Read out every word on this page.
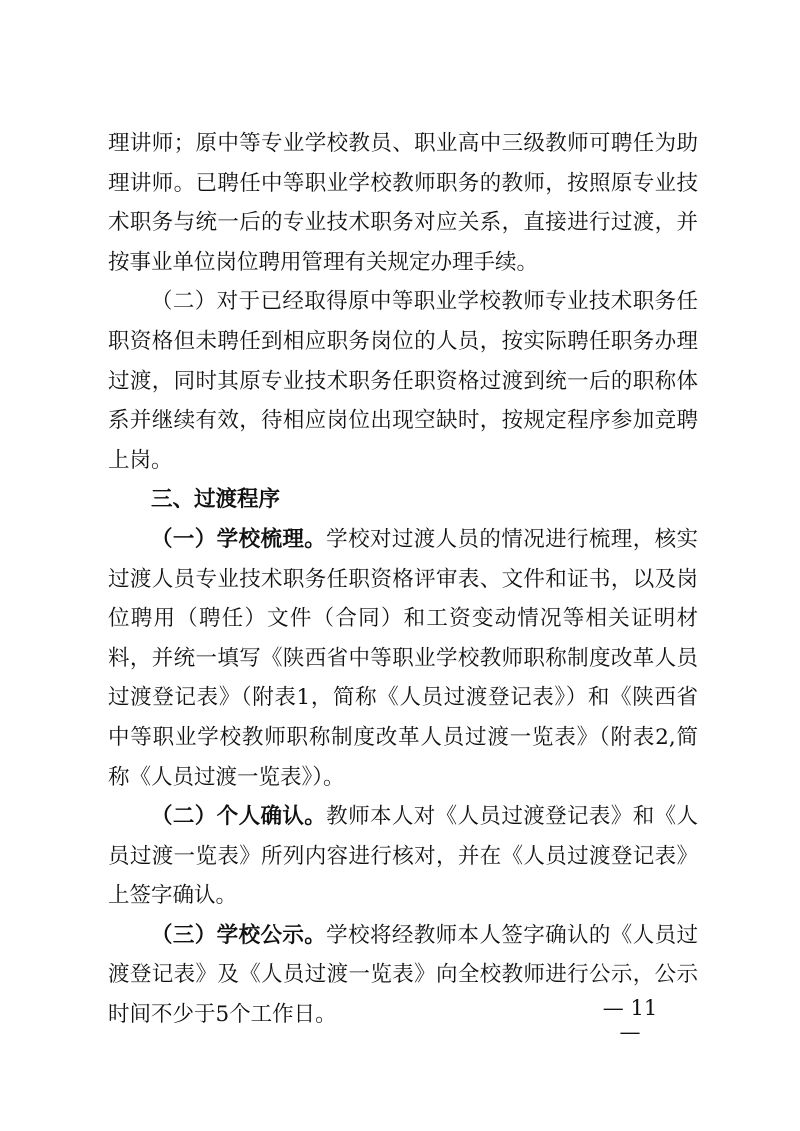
理讲师；原中等专业学校教员、职业高中三级教师可聘任为助理讲师。已聘任中等职业学校教师职务的教师，按照原专业技术职务与统一后的专业技术职务对应关系，直接进行过渡，并按事业单位岗位聘用管理有关规定办理手续。

（二）对于已经取得原中等职业学校教师专业技术职务任职资格但未聘任到相应职务岗位的人员，按实际聘任职务办理过渡，同时其原专业技术职务任职资格过渡到统一后的职称体系并继续有效，待相应岗位出现空缺时，按规定程序参加竞聘上岗。

三、过渡程序

（一）学校梳理。学校对过渡人员的情况进行梳理，核实过渡人员专业技术职务任职资格评审表、文件和证书，以及岗位聘用（聘任）文件（合同）和工资变动情况等相关证明材料，并统一填写《陕西省中等职业学校教师职称制度改革人员过渡登记表》（附表1，简称《人员过渡登记表》）和《陕西省中等职业学校教师职称制度改革人员过渡一览表》（附表2,简称《人员过渡一览表》）。

（二）个人确认。教师本人对《人员过渡登记表》和《人员过渡一览表》所列内容进行核对，并在《人员过渡登记表》上签字确认。

（三）学校公示。学校将经教师本人签字确认的《人员过渡登记表》及《人员过渡一览表》向全校教师进行公示，公示时间不少于5个工作日。	— 11 —
